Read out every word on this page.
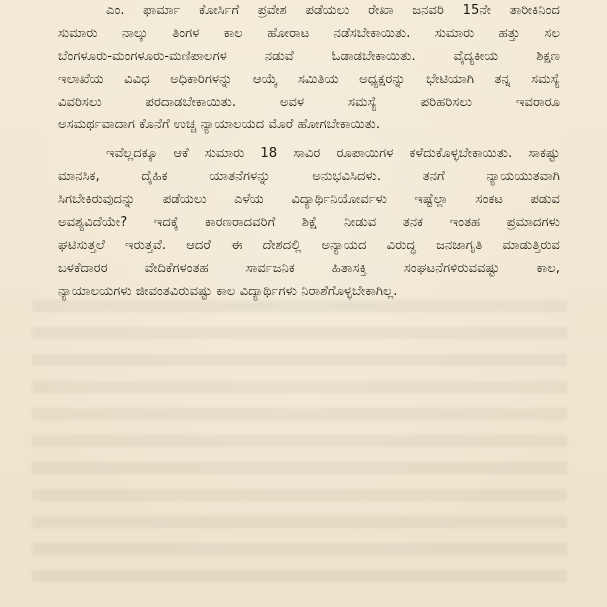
ಎಂ. ಫಾರ್ಮಾ ಕೋರ್ಸಿಗೆ ಪ್ರವೇಶ ಪಡೆಯಲು ರೇಖಾ ಜನವರಿ 15ನೇ ತಾರೀಕಿನಿಂದ
ಸುಮಾರು ನಾಲ್ಕು ತಿಂಗಳ ಕಾಲ ಹೋರಾಟ ನಡೆಸಬೇಕಾಯಿತು. ಸುಮಾರು ಹತ್ತು ಸಲ
ಬೆಂಗಳೂರು-ಮಂಗಳೂರು-ಮಣಿಪಾಲಗಳ ನಡುವೆ ಓಡಾಡಬೇಕಾಯಿತು. ವೈದ್ಯಕೀಯ ಶಿಕ್ಷಣ
ಇಲಾಖೆಯ ವಿವಿಧ ಅಧಿಕಾರಿಗಳನ್ನು ಆಯ್ಕೆ ಸಮಿತಿಯ ಅಧ್ಯಕ್ಷರನ್ನು ಭೇಟಿಯಾಗಿ ತನ್ನ ಸಮಸ್ಯೆ
ವಿವರಿಸಲು ಪರದಾಡಬೇಕಾಯಿತು. ಅವಳ ಸಮಸ್ಯೆ ಪರಿಹರಿಸಲು ಇವರಾರೂ
ಅಸಮರ್ಥವಾದಾಗ ಕೊನೆಗೆ ಉಚ್ಚ ನ್ಯಾಯಾಲಯದ ಮೊರೆ ಹೋಗಬೇಕಾಯಿತು.
ಇವೆಲ್ಲದಕ್ಕೂ ಆಕೆ ಸುಮಾರು 18 ಸಾವಿರ ರೂಪಾಯಿಗಳ ಕಳೆದುಕೊಳ್ಳಬೇಕಾಯಿತು. ಸಾಕಷ್ಟು
ಮಾನಸಿಕ, ದೈಹಿಕ ಯಾತನೆಗಳನ್ನು ಅನುಭವಿಸಿದಳು. ತನಗೆ ನ್ಯಾಯಯುತವಾಗಿ
ಸಿಗಬೇಕಿರುವುದನ್ನು ಪಡೆಯಲು ಎಳೆಯ ವಿದ್ಯಾರ್ಥಿನಿಯೋರ್ವಳು ಇಷ್ಟೆಲ್ಲಾ ಸಂಕಟ ಪಡುವ
ಅವಶ್ಯವಿದೆಯೇ? ಇದಕ್ಕೆ ಕಾರಣರಾದವರಿಗೆ ಶಿಕ್ಷೆ ನೀಡುವ ತನಕ ಇಂತಹ ಪ್ರಮಾದಗಳು
ಘಟಿಸುತ್ತಲೆ ಇರುತ್ತವೆ. ಆದರೆ ಈ ದೇಶದಲ್ಲಿ ಅನ್ಯಾಯದ ವಿರುದ್ಧ ಜನಜಾಗೃತಿ ಮಾಡುತ್ತಿರುವ
ಬಳಕೆದಾರರ ವೇದಿಕೆಗಳಂತಹ ಸಾರ್ವಜನಿಕ ಹಿತಾಸಕ್ತಿ ಸಂಘಟನೆಗಳಿರುವವಷ್ಟು ಕಾಲ,
ನ್ಯಾಯಾಲಯಗಳು ಜೀವಂತವಿರುವಷ್ಟು ಕಾಲ ವಿದ್ಯಾರ್ಥಿಗಳು ನಿರಾಶೆಗೊಳ್ಳಬೇಕಾಗಿಲ್ಲ.
